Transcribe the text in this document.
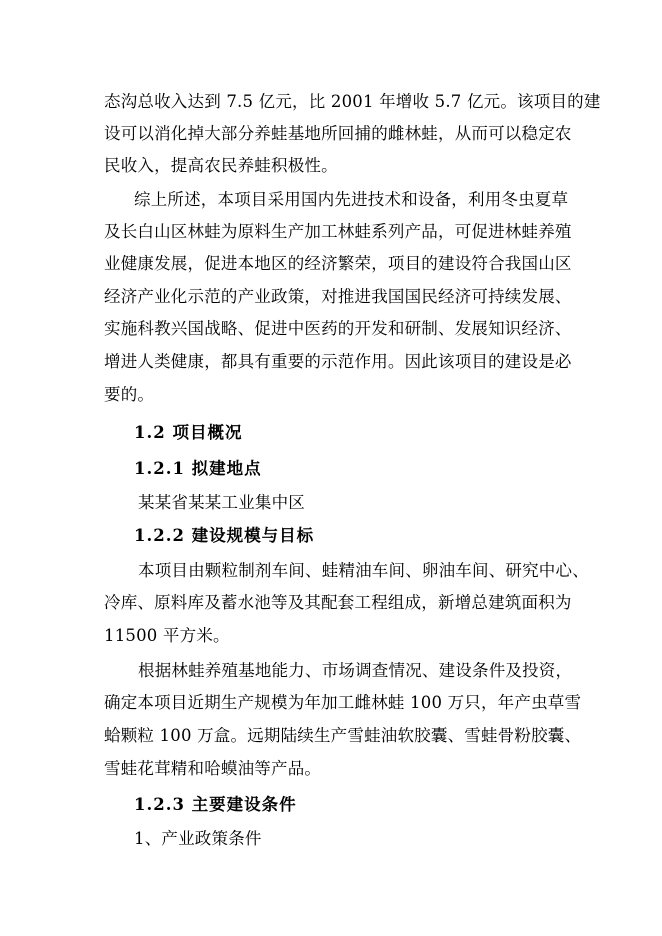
态沟总收入达到 7.5 亿元，比 2001 年增收 5.7 亿元。该项目的建
设可以消化掉大部分养蛙基地所回捕的雌林蛙，从而可以稳定农
民收入，提高农民养蛙积极性。
综上所述，本项目采用国内先进技术和设备，利用冬虫夏草
及长白山区林蛙为原料生产加工林蛙系列产品，可促进林蛙养殖
业健康发展，促进本地区的经济繁荣，项目的建设符合我国山区
经济产业化示范的产业政策，对推进我国国民经济可持续发展、
实施科教兴国战略、促进中医药的开发和研制、发展知识经济、
增进人类健康，都具有重要的示范作用。因此该项目的建设是必
要的。
1.2 项目概况
1.2.1 拟建地点
某某省某某工业集中区
1.2.2 建设规模与目标
本项目由颗粒制剂车间、蛙精油车间、卵油车间、研究中心、
冷库、原料库及蓄水池等及其配套工程组成，新增总建筑面积为
11500 平方米。
根据林蛙养殖基地能力、市场调查情况、建设条件及投资，
确定本项目近期生产规模为年加工雌林蛙 100 万只，年产虫草雪
蛤颗粒 100 万盒。远期陆续生产雪蛙油软胶囊、雪蛙骨粉胶囊、
雪蛙花茸精和哈蟆油等产品。
1.2.3 主要建设条件
1、产业政策条件
